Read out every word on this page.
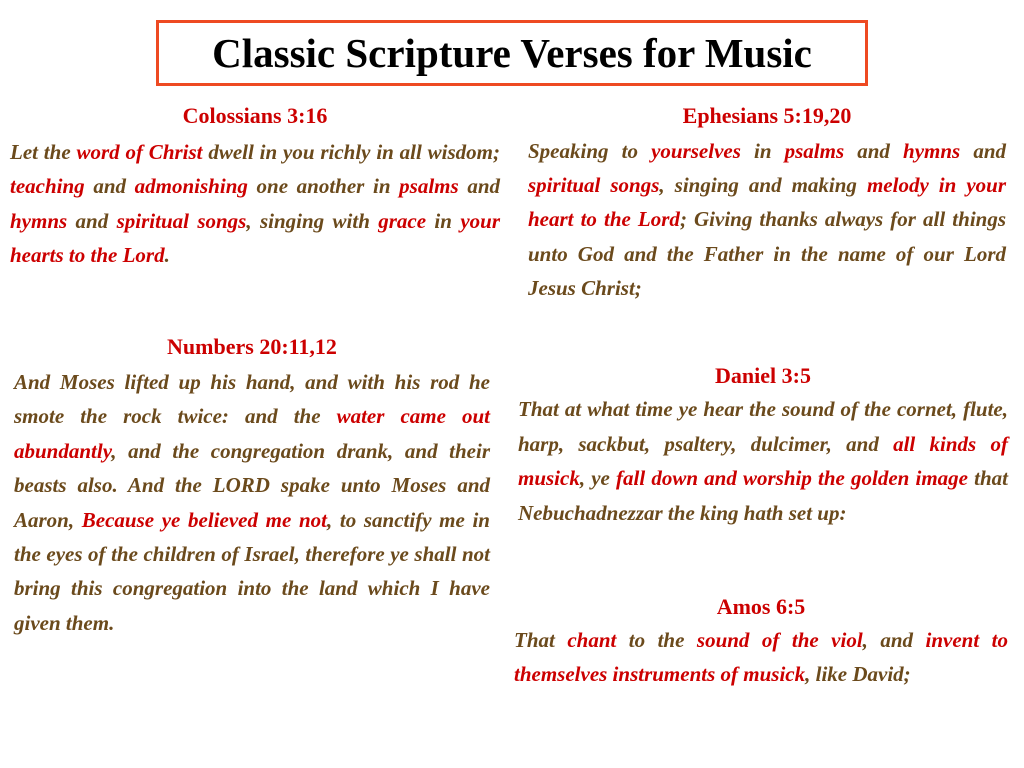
Classic Scripture Verses for Music
Colossians 3:16

Let the word of Christ dwell in you richly in all wisdom; teaching and admonishing one another in psalms and hymns and spiritual songs, singing with grace in your hearts to the Lord.

Numbers 20:11,12

And Moses lifted up his hand, and with his rod he smote the rock twice: and the water came out abundantly, and the congregation drank, and their beasts also. And the LORD spake unto Moses and Aaron, Because ye believed me not, to sanctify me in the eyes of the children of Israel, therefore ye shall not bring this congregation into the land which I have given them.

Ephesians 5:19,20

Speaking to yourselves in psalms and hymns and spiritual songs, singing and making melody in your heart to the Lord; Giving thanks always for all things unto God and the Father in the name of our Lord Jesus Christ;

Daniel 3:5

That at what time ye hear the sound of the cornet, flute, harp, sackbut, psaltery, dulcimer, and all kinds of musick, ye fall down and worship the golden image that Nebuchadnezzar the king hath set up:

Amos 6:5

That chant to the sound of the viol, and invent to themselves instruments of musick, like David;
